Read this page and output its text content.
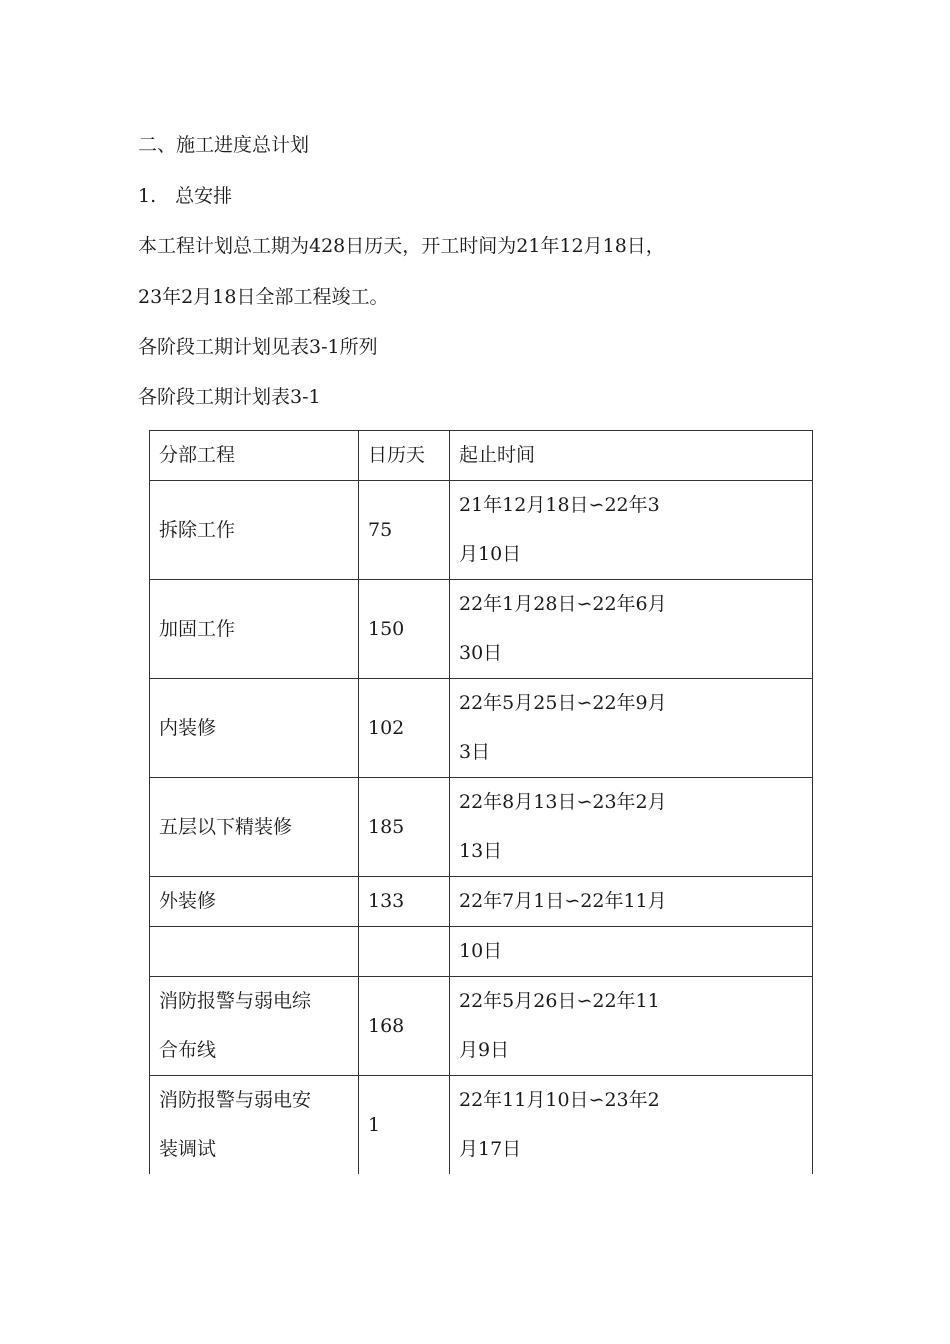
二、施工进度总计划
1.　总安排
本工程计划总工期为428日历天，开工时间为21年12月18日，
23年2月18日全部工程竣工。
各阶段工期计划见表3-1所列
各阶段工期计划表3-1
分部工程	日历天	起止时间

拆除工作	75	21年12月18日∽22年3
月10日

加固工作	150	22年1月28日∽22年6月
30日

内装修	102	22年5月25日∽22年9月
3日

五层以下精装修	185	22年8月13日∽23年2月
13日

外装修	133	22年7月1日∽22年11月

		10日

消防报警与弱电综
合布线	168	22年5月26日∽22年11
月9日

消防报警与弱电安
装调试	1	22年11月10日∽23年2
月17日
